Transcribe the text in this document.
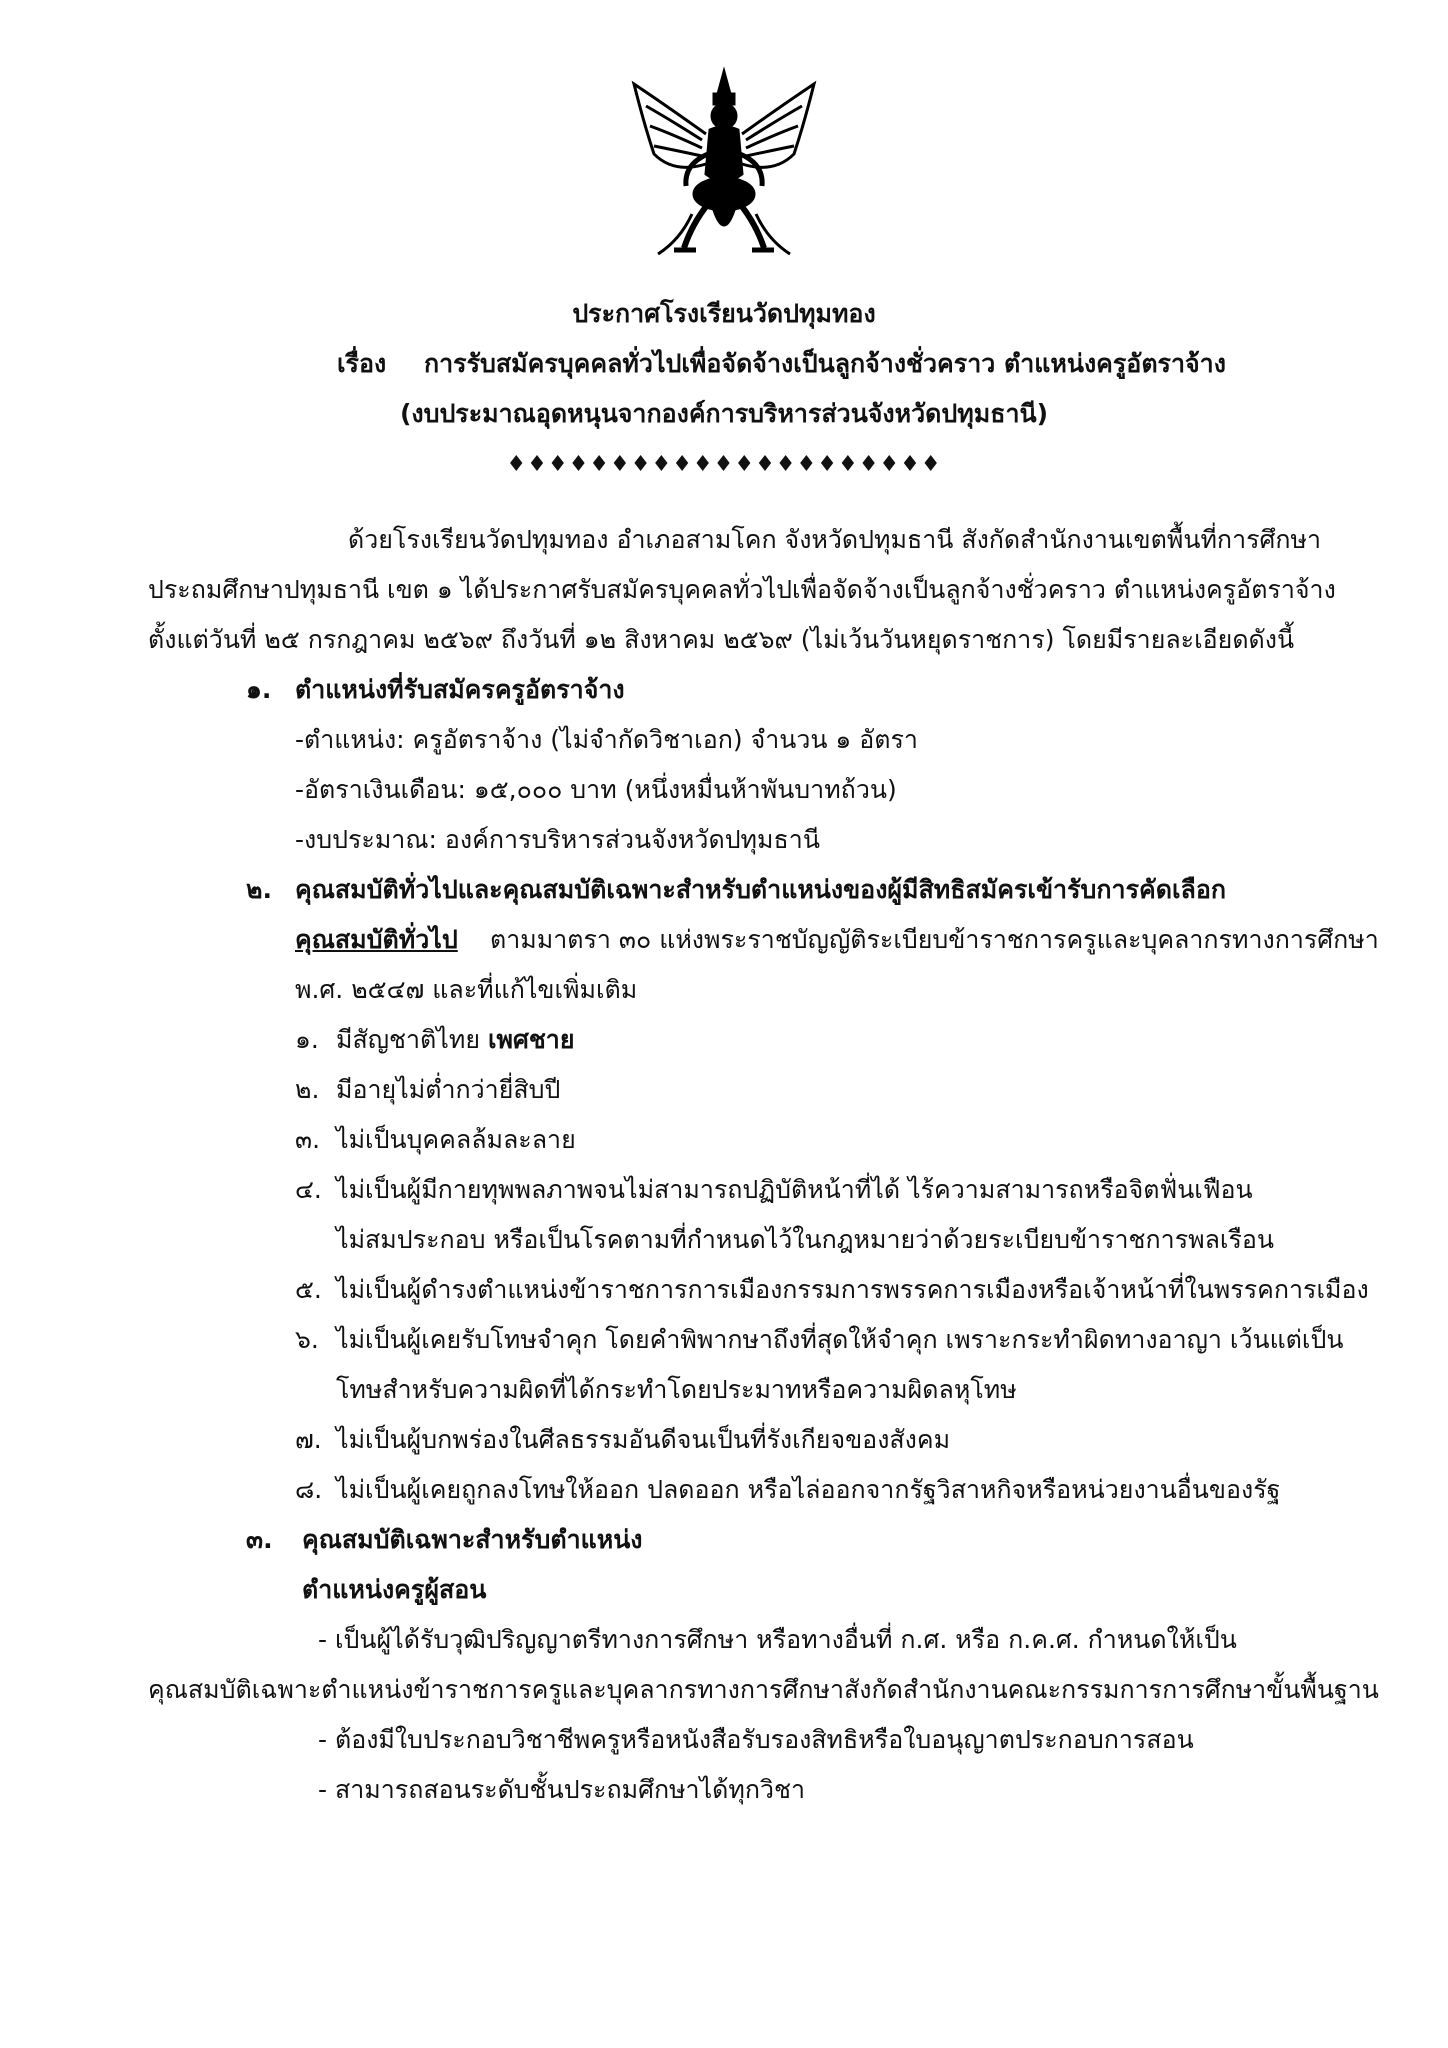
ประกาศโรงเรียนวัดปทุมทอง
เรื่อง การรับสมัครบุคคลทั่วไปเพื่อจัดจ้างเป็นลูกจ้างชั่วคราว ตำแหน่งครูอัตราจ้าง
(งบประมาณอุดหนุนจากองค์การบริหารส่วนจังหวัดปทุมธานี)
♦♦♦♦♦♦♦♦♦♦♦♦♦♦♦♦♦♦♦♦♦
ด้วยโรงเรียนวัดปทุมทอง อำเภอสามโคก จังหวัดปทุมธานี สังกัดสำนักงานเขตพื้นที่การศึกษา
ประถมศึกษาปทุมธานี เขต ๑ ได้ประกาศรับสมัครบุคคลทั่วไปเพื่อจัดจ้างเป็นลูกจ้างชั่วคราว ตำแหน่งครูอัตราจ้าง
ตั้งแต่วันที่ ๒๕ กรกฎาคม ๒๕๖๙ ถึงวันที่ ๑๒ สิงหาคม ๒๕๖๙ (ไม่เว้นวันหยุดราชการ) โดยมีรายละเอียดดังนี้
๑. ตำแหน่งที่รับสมัครครูอัตราจ้าง
-ตำแหน่ง: ครูอัตราจ้าง (ไม่จำกัดวิชาเอก) จำนวน ๑ อัตรา
-อัตราเงินเดือน: ๑๕,๐๐๐ บาท (หนึ่งหมื่นห้าพันบาทถ้วน)
-งบประมาณ: องค์การบริหารส่วนจังหวัดปทุมธานี
๒. คุณสมบัติทั่วไปและคุณสมบัติเฉพาะสำหรับตำแหน่งของผู้มีสิทธิสมัครเข้ารับการคัดเลือก
คุณสมบัติทั่วไป ตามมาตรา ๓๐ แห่งพระราชบัญญัติระเบียบข้าราชการครูและบุคลากรทางการศึกษา
พ.ศ. ๒๕๔๗ และที่แก้ไขเพิ่มเติม
๑. มีสัญชาติไทย เพศชาย
๒. มีอายุไม่ต่ำกว่ายี่สิบปี
๓. ไม่เป็นบุคคลล้มละลาย
๔. ไม่เป็นผู้มีกายทุพพลภาพจนไม่สามารถปฏิบัติหน้าที่ได้ ไร้ความสามารถหรือจิตฟั่นเฟือน
ไม่สมประกอบ หรือเป็นโรคตามที่กำหนดไว้ในกฎหมายว่าด้วยระเบียบข้าราชการพลเรือน
๕. ไม่เป็นผู้ดำรงตำแหน่งข้าราชการการเมืองกรรมการพรรคการเมืองหรือเจ้าหน้าที่ในพรรคการเมือง
๖. ไม่เป็นผู้เคยรับโทษจำคุก โดยคำพิพากษาถึงที่สุดให้จำคุก เพราะกระทำผิดทางอาญา เว้นแต่เป็น
โทษสำหรับความผิดที่ได้กระทำโดยประมาทหรือความผิดลหุโทษ
๗. ไม่เป็นผู้บกพร่องในศีลธรรมอันดีจนเป็นที่รังเกียจของสังคม
๘. ไม่เป็นผู้เคยถูกลงโทษให้ออก ปลดออก หรือไล่ออกจากรัฐวิสาหกิจหรือหน่วยงานอื่นของรัฐ
๓. คุณสมบัติเฉพาะสำหรับตำแหน่ง
ตำแหน่งครูผู้สอน
- เป็นผู้ได้รับวุฒิปริญญาตรีทางการศึกษา หรือทางอื่นที่ ก.ศ. หรือ ก.ค.ศ. กำหนดให้เป็น
คุณสมบัติเฉพาะตำแหน่งข้าราชการครูและบุคลากรทางการศึกษาสังกัดสำนักงานคณะกรรมการการศึกษาขั้นพื้นฐาน
- ต้องมีใบประกอบวิชาชีพครูหรือหนังสือรับรองสิทธิหรือใบอนุญาตประกอบการสอน
- สามารถสอนระดับชั้นประถมศึกษาได้ทุกวิชา
